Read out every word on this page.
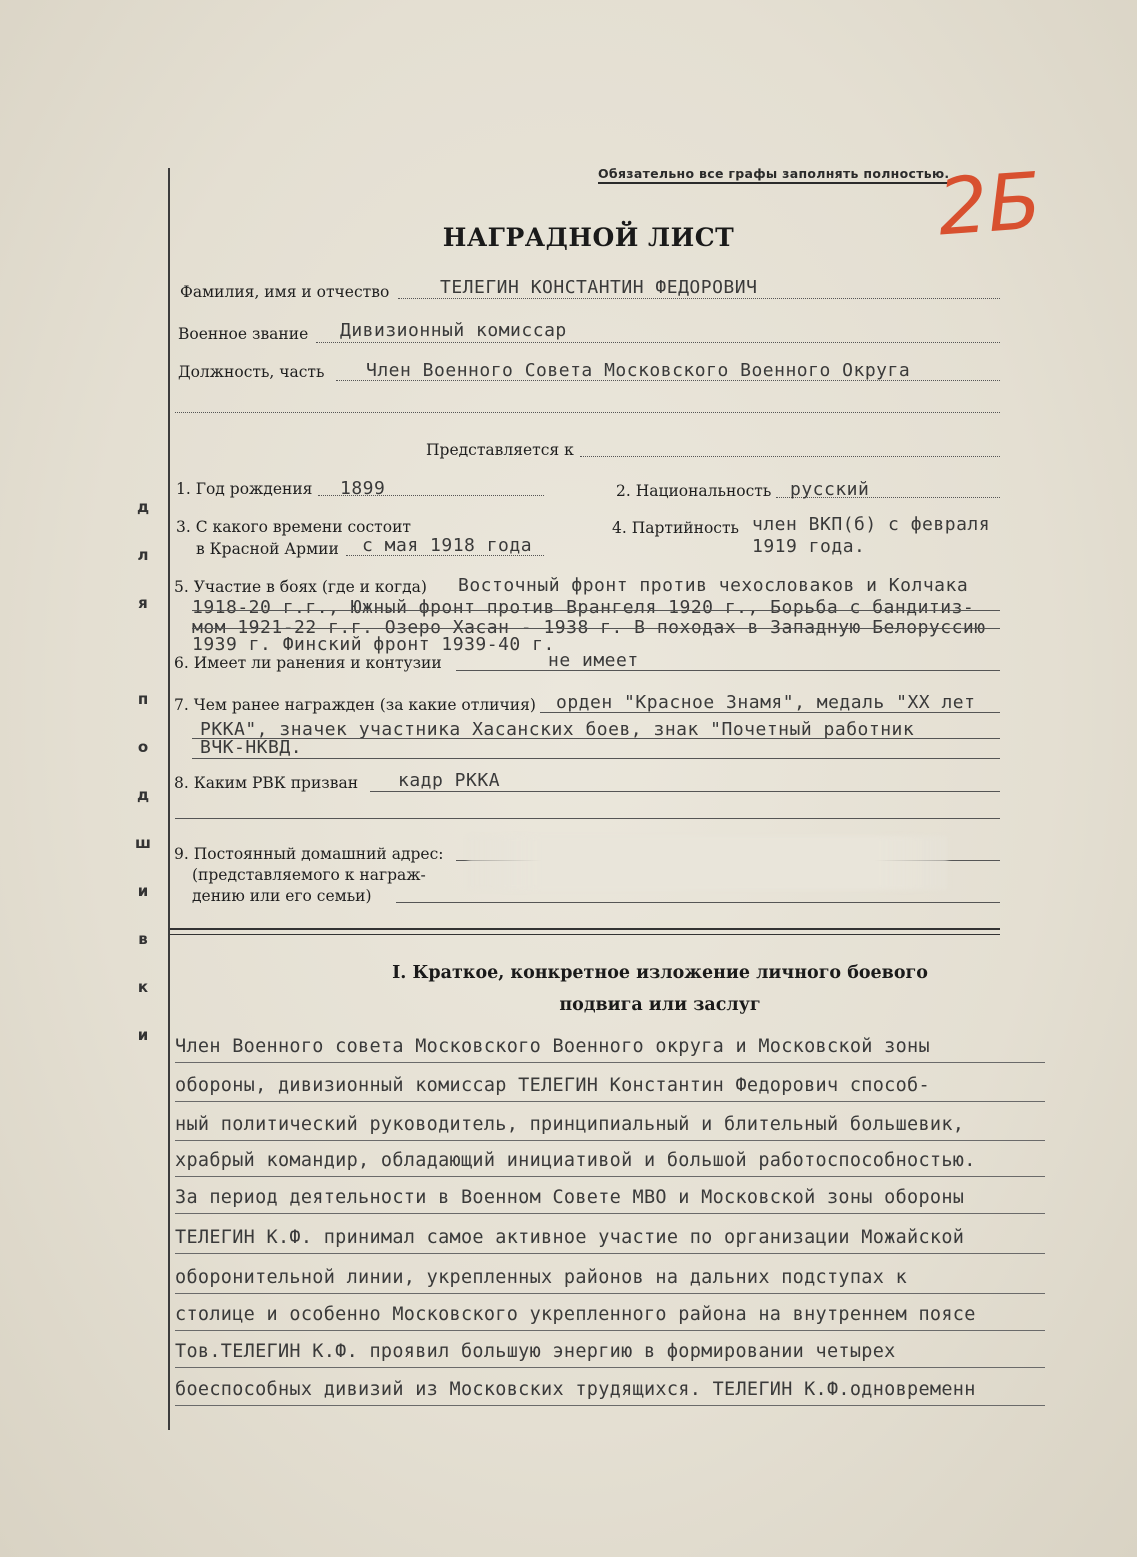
д
л
я
п
о
д
ш
и
в
к
и
Обязательно все графы заполнять полностью.
2Б
НАГРАДНОЙ ЛИСТ
Фамилия, имя и отчество	ТЕЛЕГИН КОНСТАНТИН ФЕДОРОВИЧ
Военное звание Дивизионный комиссар
Должность, часть Член Военного Совета Московского Военного Округа
Представляется к
1. Год рождения 1899	2. Национальность русский
3. С какого времени состоит
в Красной Армии с мая 1918 года
4. Партийность член ВКП(б) с февраля
1919 года.
5. Участие в боях (где и когда) Восточный фронт против чехословаков и Колчака
1918-20 г.г., Южный фронт против Врангеля 1920 г., Борьба с бандитиз-
мом 1921-22 г.г. Озеро Хасан - 1938 г. В походах в Западную Белоруссию
1939 г. Финский фронт 1939-40 г.
6. Имеет ли ранения и контузии	не имеет
7. Чем ранее награжден (за какие отличия) орден "Красное Знамя", медаль "XX лет
РККА", значек участника Хасанских боев, знак "Почетный работник
ВЧК-НКВД.
8. Каким РВК призван кадр РККА
9. Постоянный домашний адрес:
(представляемого к награж-
дению или его семьи)
I. Краткое, конкретное изложение личного боевого
подвига или заслуг
Член Военного совета Московского Военного округа и Московской зоны
обороны, дивизионный комиссар ТЕЛЕГИН Константин Федорович способ-
ный политический руководитель, принципиальный и блительный большевик,
храбрый командир, обладающий инициативой и большой работоспособностью.
За период деятельности в Военном Совете МВО и Московской зоны обороны
ТЕЛЕГИН К.Ф. принимал самое активное участие по организации Можайской
оборонительной линии, укрепленных районов на дальних подступах к
столице и особенно Московского укрепленного района на внутреннем поясе
Тов.ТЕЛЕГИН К.Ф. проявил большую энергию в формировании четырех
боеспособных дивизий из Московских трудящихся. ТЕЛЕГИН К.Ф.одновременн
